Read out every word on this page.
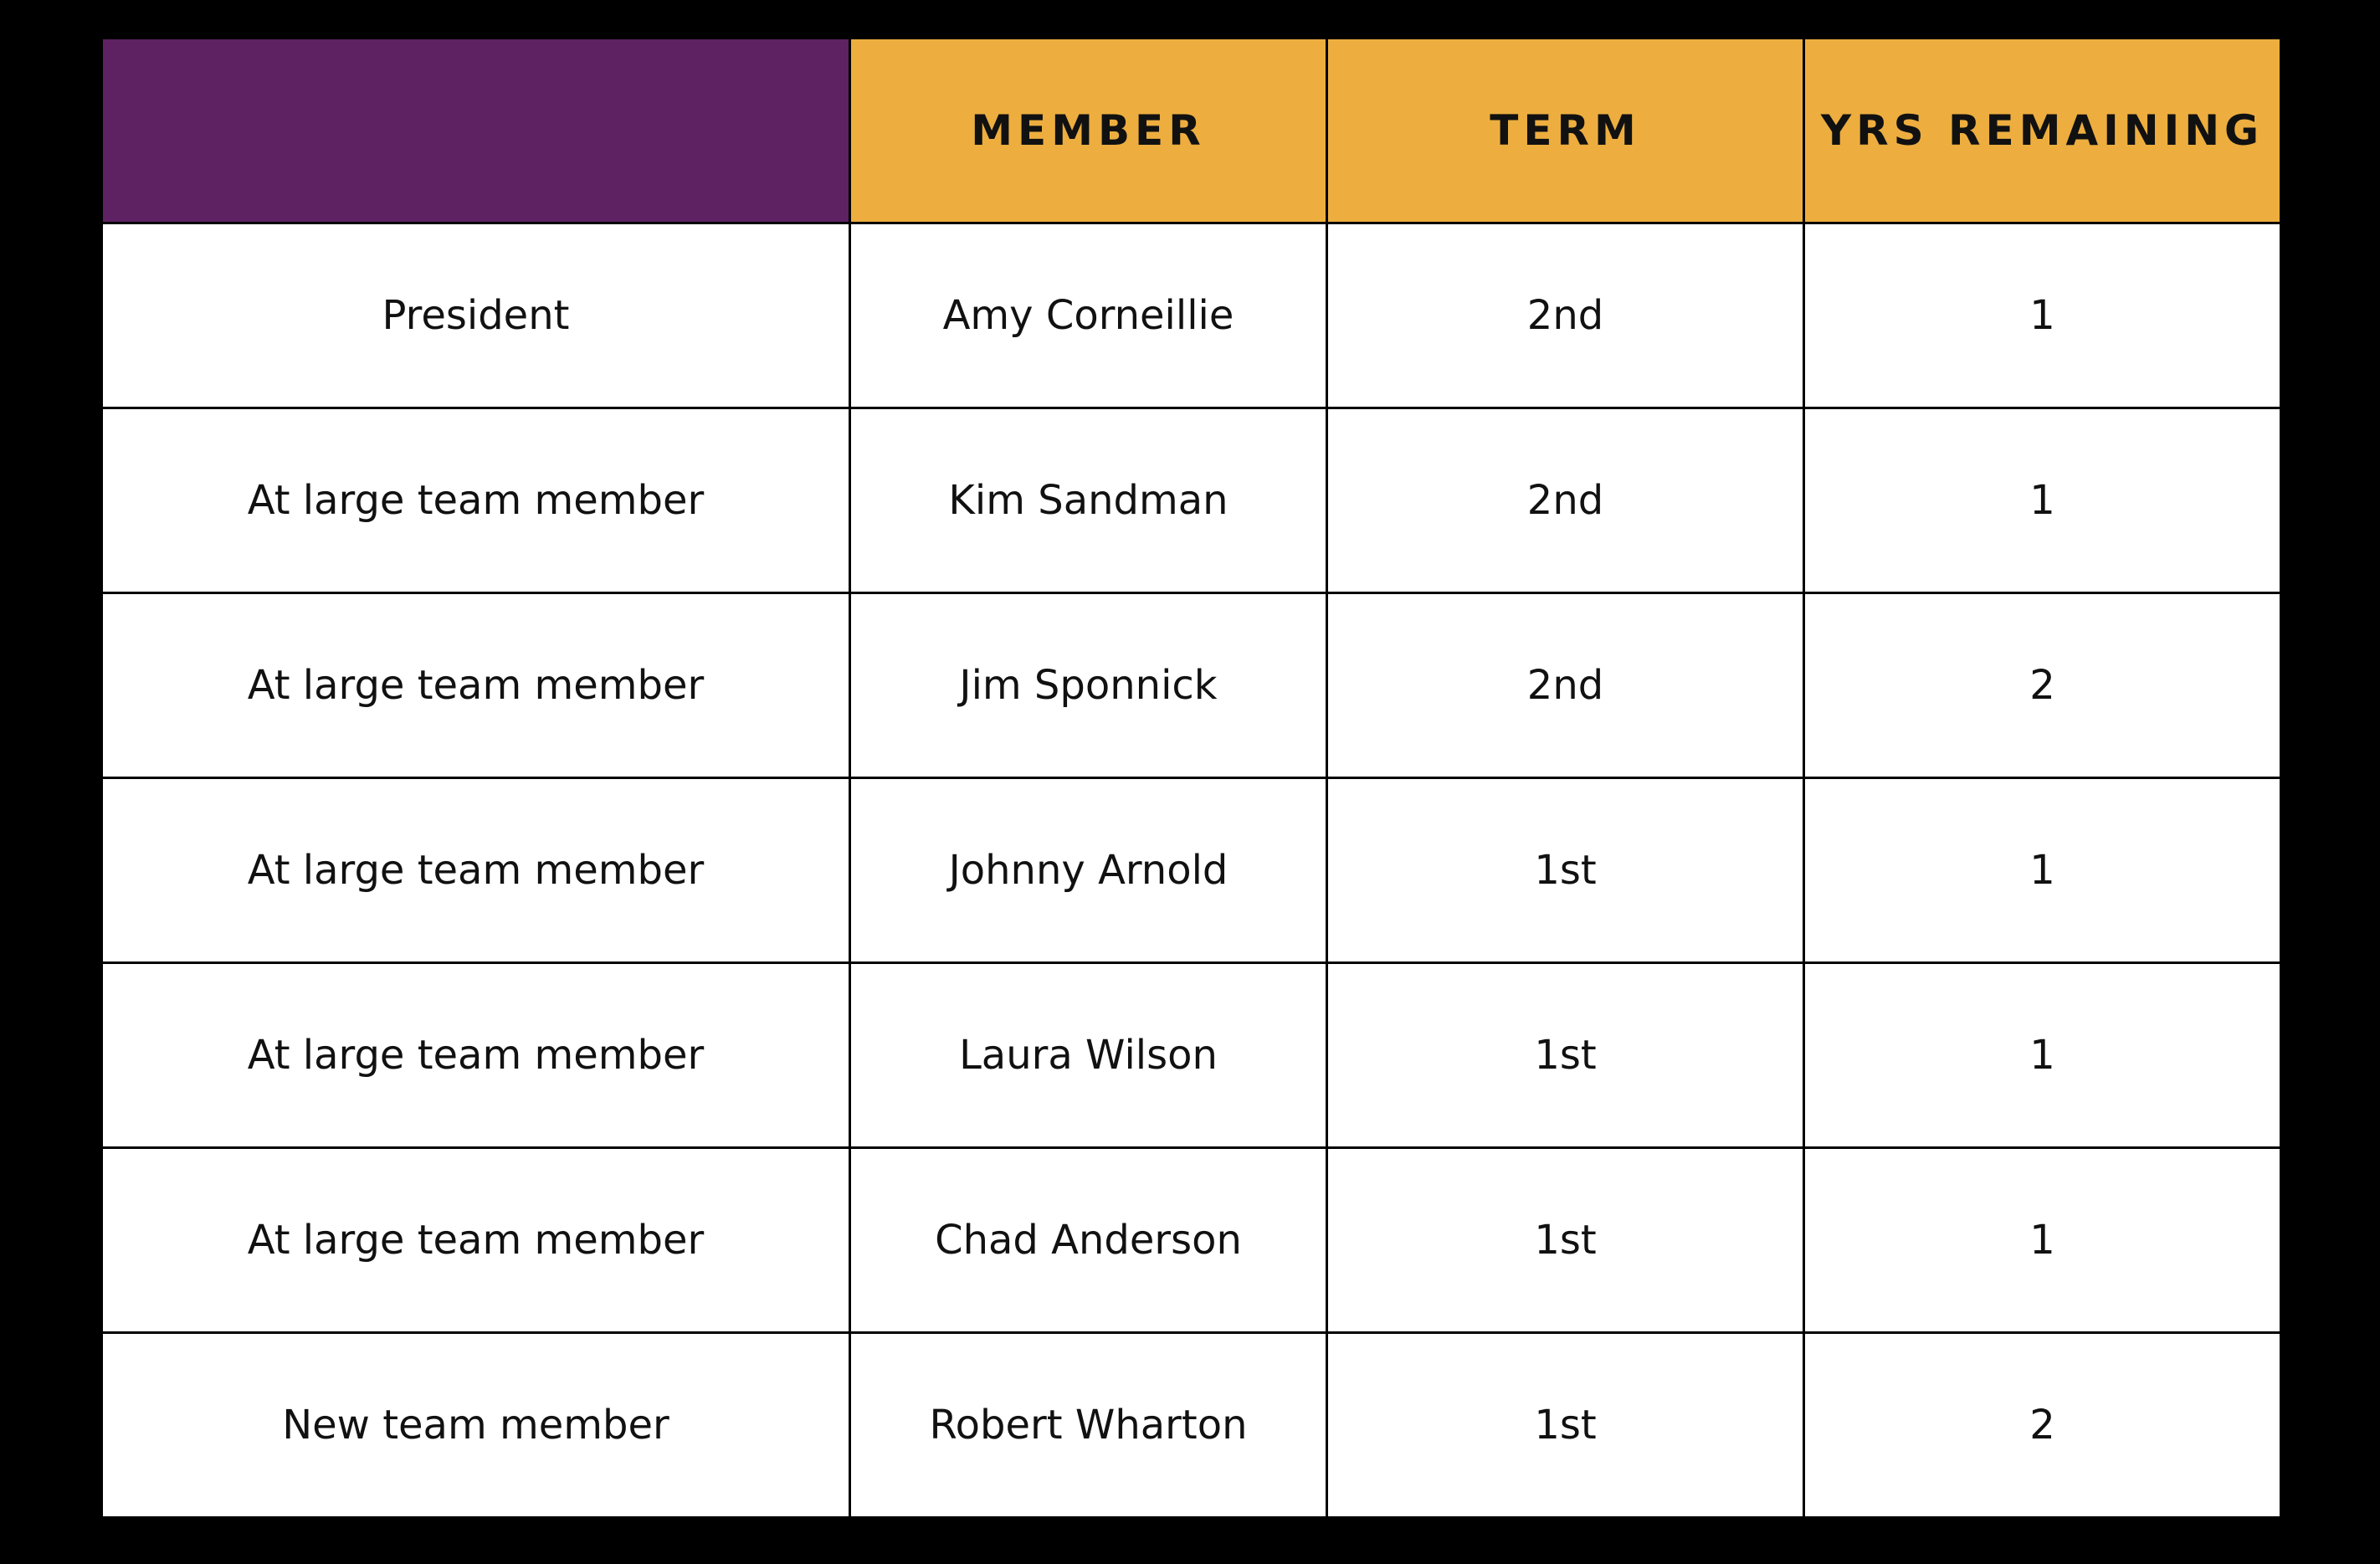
	MEMBER	TERM	YRS REMAINING
President	Amy Corneillie	2nd	1
At large team member	Kim Sandman	2nd	1
At large team member	Jim Sponnick	2nd	2
At large team member	Johnny Arnold	1st	1
At large team member	Laura Wilson	1st	1
At large team member	Chad Anderson	1st	1
New team member	Robert Wharton	1st	2
